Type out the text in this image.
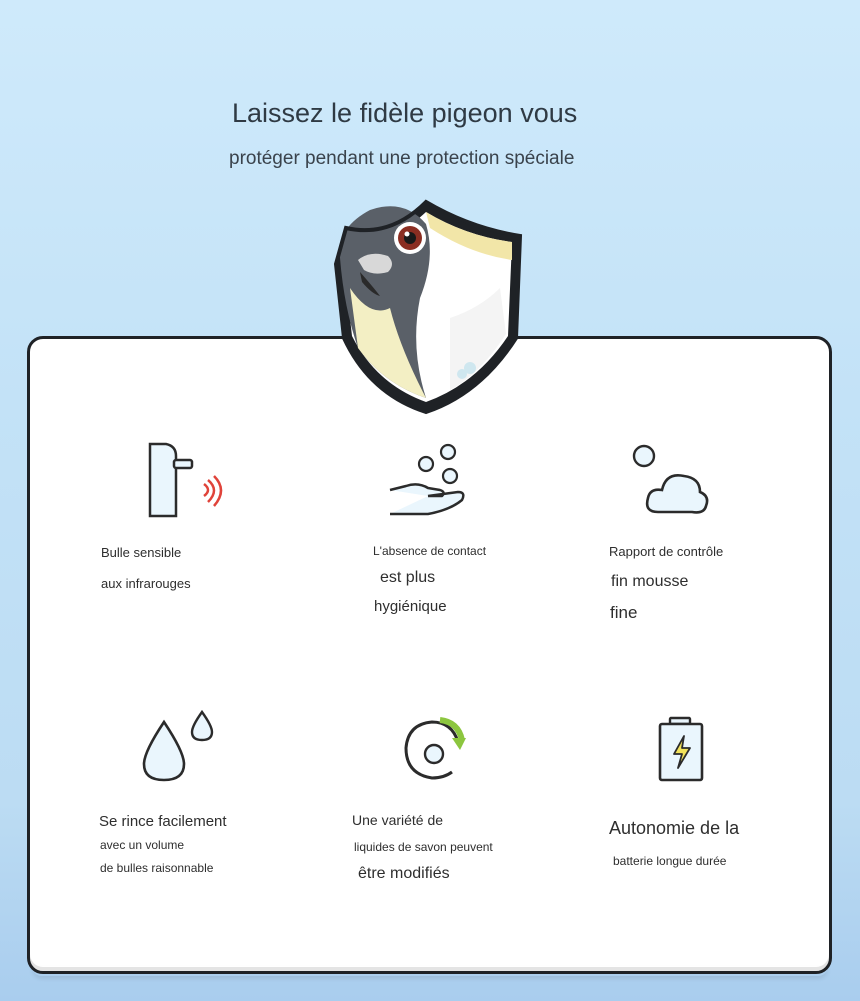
Laissez le fidèle pigeon vous
protéger pendant une protection spéciale
Bulle sensible
aux infrarouges
L'absence de contact
est plus
hygiénique
Rapport de contrôle
fin mousse
fine
Se rince facilement
avec un volume
de bulles raisonnable
Une variété de
liquides de savon peuvent
être modifiés
Autonomie de la
batterie longue durée
